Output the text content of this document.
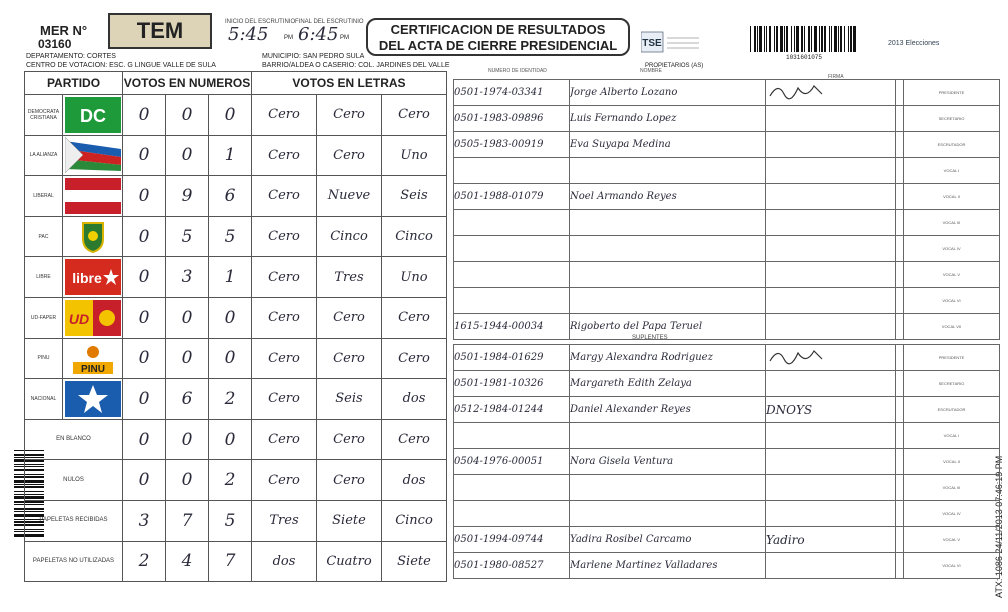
MER N°
03160
TEM	INICIO DEL ESCRUTINIO FINAL DEL ESCRUTINIO
5:45	PM 6:45 PM
DEPARTAMENTO: CORTES
CENTRO DE VOTACION: ESC. G LINGUE VALLE DE SULA
MUNICIPIO: SAN PEDRO SULA
BARRIO/ALDEA O CASERIO: COL. JARDINES DEL VALLE
CERTIFICACION DE RESULTADOS
DEL ACTA DE CIERRE PRESIDENCIAL	TSE
PROPIETARIOS (AS)
1031601075
2013 Elecciones
ATX: 1086 24/11/2013 07:46:19 PM
PARTIDO		VOTOS EN NUMEROS			VOTOS EN LETRAS		
DEMOCRATA CRISTIANA	DC	0	0	0	Cero	Cero	Cero
LA ALIANZA		0	0	1	Cero	Cero	Uno
LIBERAL		0	9	6	Cero	Nueve	Seis
PAC		0	5	5	Cero	Cinco	Cinco
LIBRE	libre	0	3	1	Cero	Tres	Uno
UD-FAPER	UD	0	0	0	Cero	Cero	Cero
PINU	PINU	0	0	0	Cero	Cero	Cero
NACIONAL		0	6	2	Cero	Seis	dos
EN BLANCO		0	0	0	Cero	Cero	Cero
NULOS		0	0	2	Cero	Cero	dos
PAPELETAS RECIBIDAS		3	7	5	Tres	Siete	Cinco
PAPELETAS NO UTILIZADAS		2	4	7	dos	Cuatro	Siete
NUMERO DE IDENTIDAD	NOMBRE
FIRMA
0501-1974-03341	Jorge Alberto Lozano			PRESIDENTE
0501-1983-09896	Luis Fernando Lopez			SECRETARIO
0505-1983-00919	Eva Suyapa Medina			ESCRUTADOR
				VOCAL I
0501-1988-01079	Noel Armando Reyes			VOCAL II
				VOCAL III
				VOCAL IV
				VOCAL V
				VOCAL VI
1615-1944-00034	Rigoberto del Papa Teruel			VOCAL VII
SUPLENTES
0501-1984-01629	Margy Alexandra Rodriguez			PRESIDENTE
0501-1981-10326	Margareth Edith Zelaya			SECRETARIO
0512-1984-01244	Daniel Alexander Reyes	DNOYS		ESCRUTADOR
				VOCAL I
0504-1976-00051	Nora Gisela Ventura			VOCAL II
				VOCAL III
				VOCAL IV
0501-1994-09744	Yadira Rosibel Carcamo	Yadiro		VOCAL V
0501-1980-08527	Marlene Martinez Valladares			VOCAL VI
